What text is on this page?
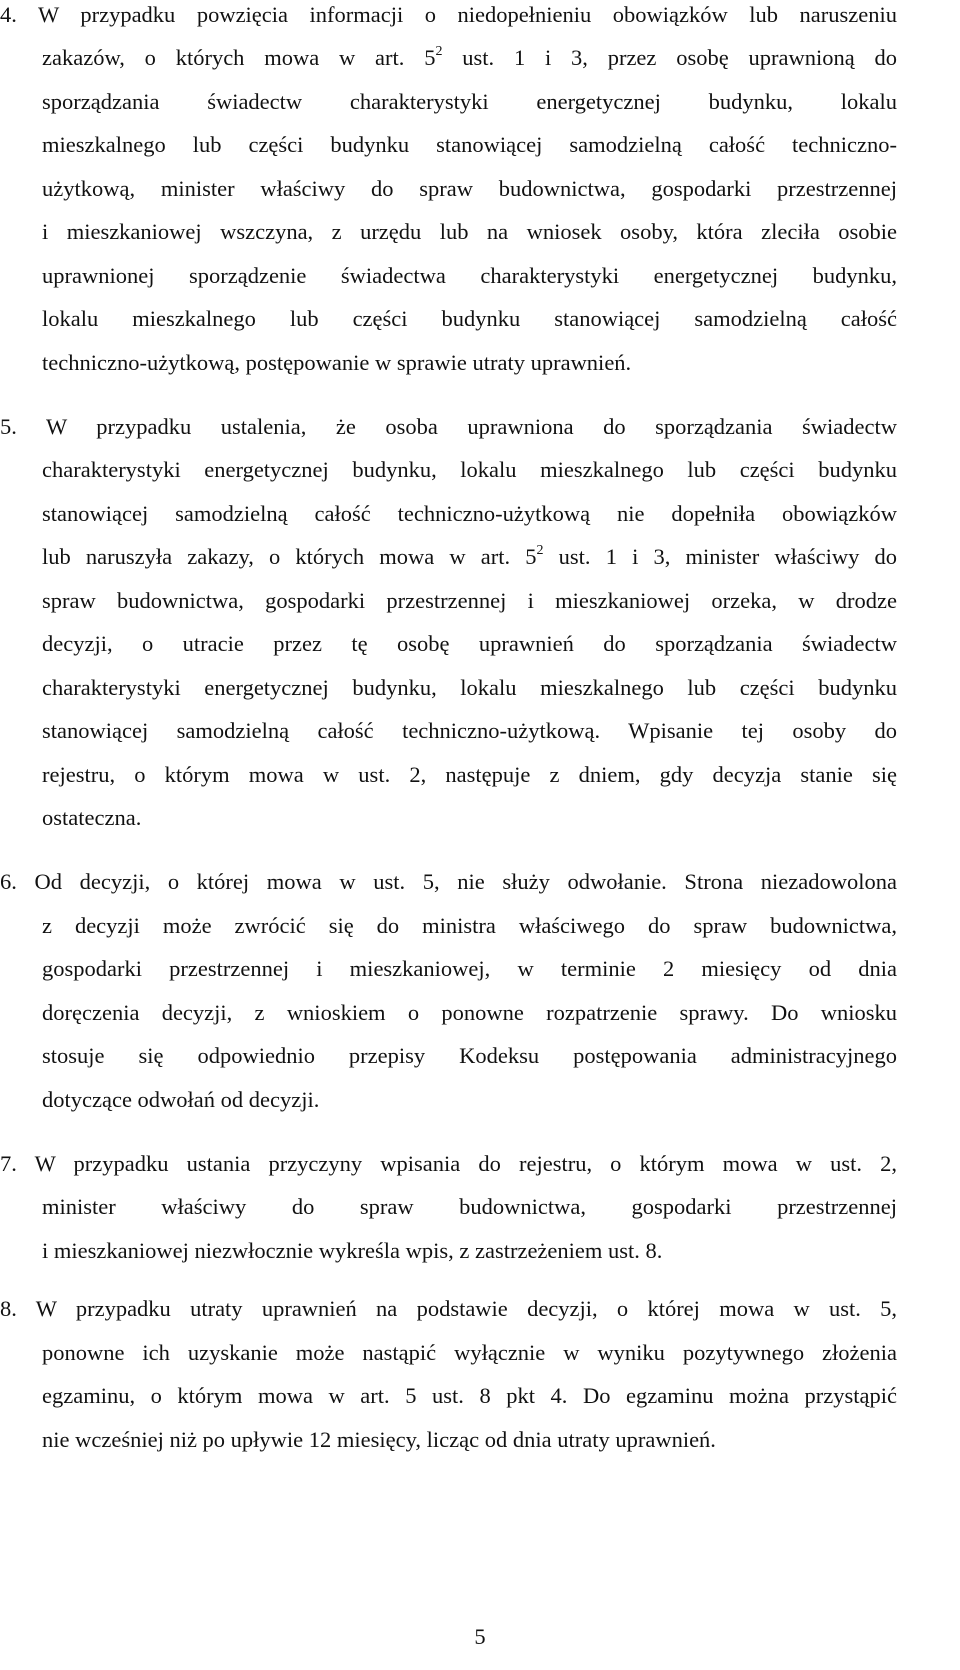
4. W przypadku powzięcia informacji o niedopełnieniu obowiązków lub naruszeniu
zakazów, o których mowa w art. $5^2$ ust. 1 i 3, przez osobę uprawnioną do
sporządzania świadectw charakterystyki energetycznej budynku, lokalu
mieszkalnego lub części budynku stanowiącej samodzielną całość techniczno-
użytkową, minister właściwy do spraw budownictwa, gospodarki przestrzennej
i mieszkaniowej wszczyna, z urzędu lub na wniosek osoby, która zleciła osobie
uprawnionej sporządzenie świadectwa charakterystyki energetycznej budynku,
lokalu mieszkalnego lub części budynku stanowiącej samodzielną całość
techniczno-użytkową, postępowanie w sprawie utraty uprawnień.
5. W przypadku ustalenia, że osoba uprawniona do sporządzania świadectw
charakterystyki energetycznej budynku, lokalu mieszkalnego lub części budynku
stanowiącej samodzielną całość techniczno-użytkową nie dopełniła obowiązków
lub naruszyła zakazy, o których mowa w art. $5^2$ ust. 1 i 3, minister właściwy do
spraw budownictwa, gospodarki przestrzennej i mieszkaniowej orzeka, w drodze
decyzji, o utracie przez tę osobę uprawnień do sporządzania świadectw
charakterystyki energetycznej budynku, lokalu mieszkalnego lub części budynku
stanowiącej samodzielną całość techniczno-użytkową. Wpisanie tej osoby do
rejestru, o którym mowa w ust. 2, następuje z dniem, gdy decyzja stanie się
ostateczna.
6. Od decyzji, o której mowa w ust. 5, nie służy odwołanie. Strona niezadowolona
z decyzji może zwrócić się do ministra właściwego do spraw budownictwa,
gospodarki przestrzennej i mieszkaniowej, w terminie 2 miesięcy od dnia
doręczenia decyzji, z wnioskiem o ponowne rozpatrzenie sprawy. Do wniosku
stosuje się odpowiednio przepisy Kodeksu postępowania administracyjnego
dotyczące odwołań od decyzji.
7. W przypadku ustania przyczyny wpisania do rejestru, o którym mowa w ust. 2,
minister właściwy do spraw budownictwa, gospodarki przestrzennej
i mieszkaniowej niezwłocznie wykreśla wpis, z zastrzeżeniem ust. 8.
8. W przypadku utraty uprawnień na podstawie decyzji, o której mowa w ust. 5,
ponowne ich uzyskanie może nastąpić wyłącznie w wyniku pozytywnego złożenia
egzaminu, o którym mowa w art. 5 ust. 8 pkt 4. Do egzaminu można przystąpić
nie wcześniej niż po upływie 12 miesięcy, licząc od dnia utraty uprawnień.
5
